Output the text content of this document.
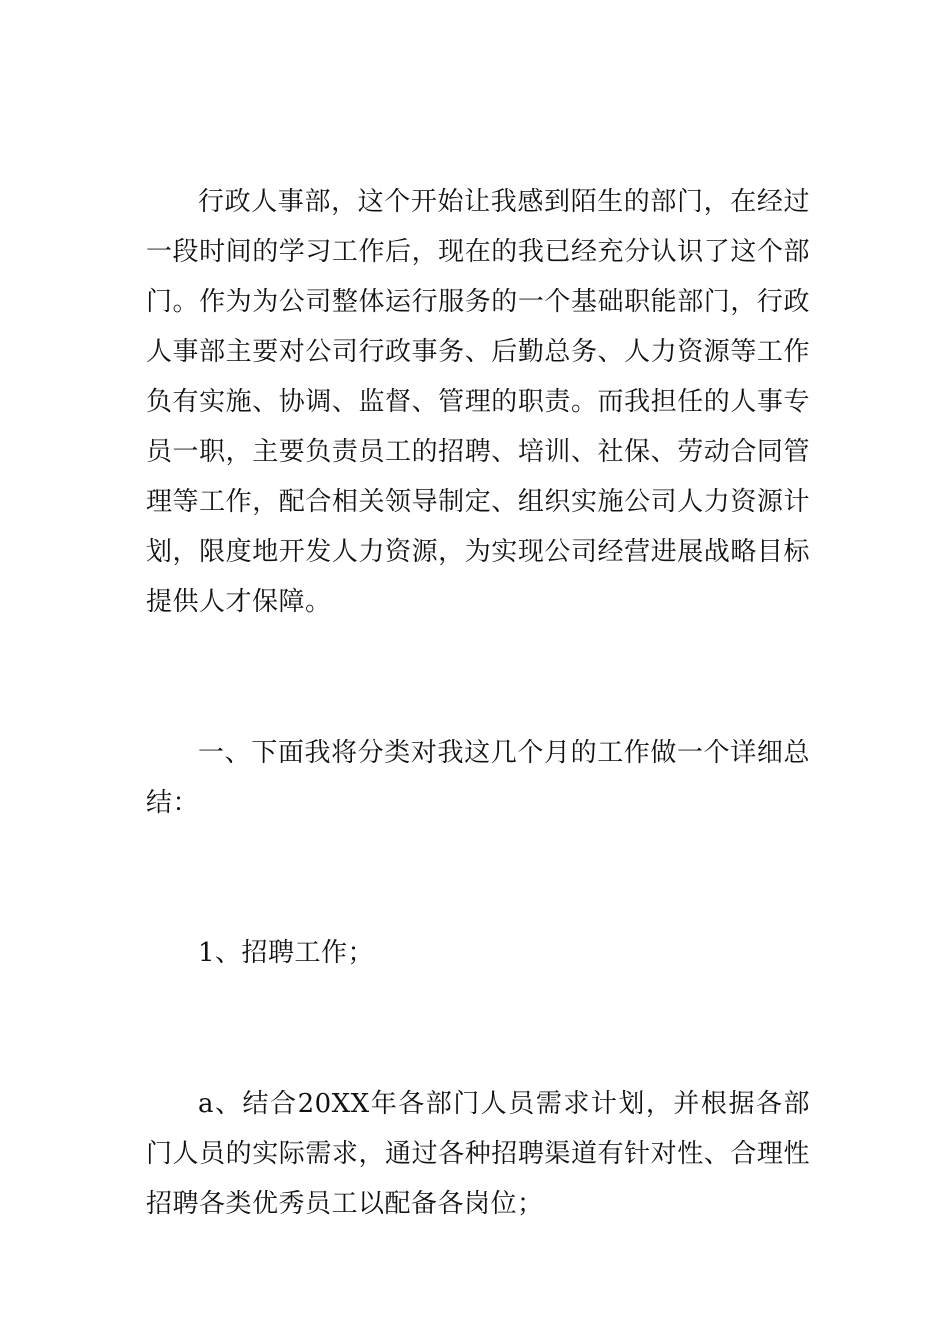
行政人事部，这个开始让我感到陌生的部门，在经过一段时间的学习工作后，现在的我已经充分认识了这个部门。作为为公司整体运行服务的一个基础职能部门，行政人事部主要对公司行政事务、后勤总务、人力资源等工作负有实施、协调、监督、管理的职责。而我担任的人事专员一职，主要负责员工的招聘、培训、社保、劳动合同管理等工作，配合相关领导制定、组织实施公司人力资源计划，限度地开发人力资源，为实现公司经营进展战略目标提供人才保障。

一、下面我将分类对我这几个月的工作做一个详细总结：

1、招聘工作；

a、结合20XX年各部门人员需求计划，并根据各部门人员的实际需求，通过各种招聘渠道有针对性、合理性招聘各类优秀员工以配备各岗位；
